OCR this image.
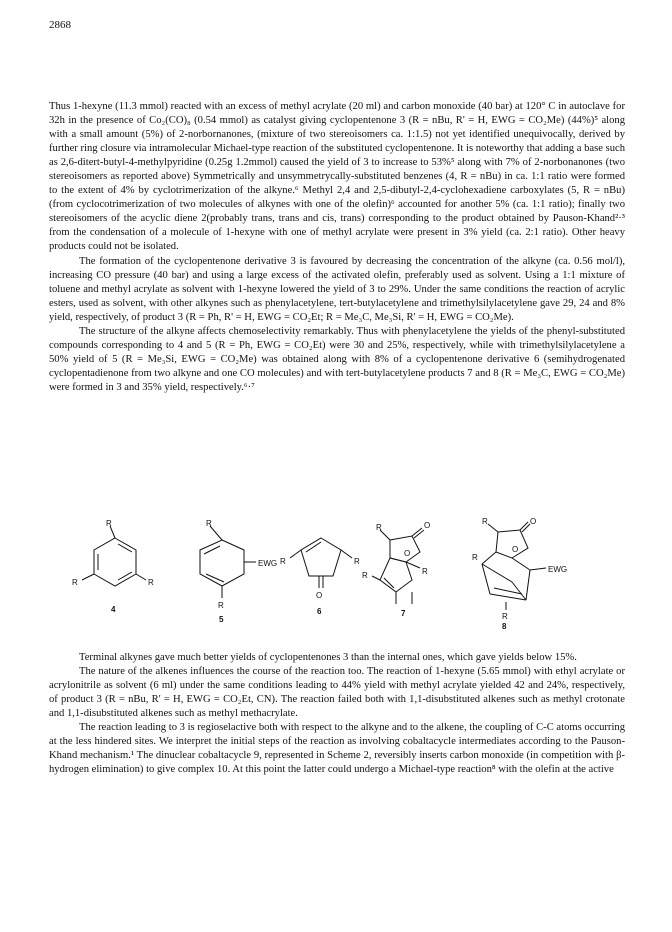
2868

Thus 1-hexyne (11.3 mmol) reacted with an excess of methyl acrylate (20 ml) and carbon monoxide (40 bar) at 120° C in autoclave for 32h in the presence of Co₂(CO)₈ (0.54 mmol) as catalyst giving cyclopentenone 3 (R = nBu, R' = H, EWG = CO₂Me) (44%)⁵ along with a small amount (5%) of 2-norbornanones, (mixture of two stereoisomers ca. 1:1.5) not yet identified unequivocally, derived by further ring closure via intramolecular Michael-type reaction of the substituted cyclopentenone. It is noteworthy that adding a base such as 2,6-ditert-butyl-4-methylpyridine (0.25g 1.2mmol) caused the yield of 3 to increase to 53%⁵ along with 7% of 2-norbonanones (two stereoisomers as reported above) Symmetrically and unsymmetrycally-substituted benzenes (4, R = nBu) in ca. 1:1 ratio were formed to the extent of 4% by cyclotrimerization of the alkyne.⁶ Methyl 2,4 and 2,5-dibutyl-2,4-cyclohexadiene carboxylates (5, R = nBu) (from cyclocotrimerization of two molecules of alkynes with one of the olefin)⁶ accounted for another 5% (ca. 1:1 ratio); finally two stereoisomers of the acyclic diene 2(probably trans, trans and cis, trans) corresponding to the product obtained by Pauson-Khand²·³ from the condensation of a molecule of 1-hexyne with one of methyl acrylate were present in 3% yield (ca. 2:1 ratio). Other heavy products could not be isolated.

The formation of the cyclopentenone derivative 3 is favoured by decreasing the concentration of the alkyne (ca. 0.56 mol/l), increasing CO pressure (40 bar) and using a large excess of the activated olefin, preferably used as solvent. Using a 1:1 mixture of toluene and methyl acrylate as solvent with 1-hexyne lowered the yield of 3 to 29%. Under the same conditions the reaction of acrylic esters, used as solvent, with other alkynes such as phenylacetylene, tert-butylacetylene and trimethylsilylacetylene gave 29, 24 and 8% yield, respectively, of product 3 (R = Ph, R' = H, EWG = CO₂Et; R = Me₃C, Me₃Si, R' = H, EWG = CO₂Me).

The structure of the alkyne affects chemoselectivity remarkably. Thus with phenylacetylene the yields of the phenyl-substituted compounds corresponding to 4 and 5 (R = Ph, EWG = CO₂Et) were 30 and 25%, respectively, while with trimethylsilylacetylene a 50% yield of 5 (R = Me₃Si, EWG = CO₂Me) was obtained along with 8% of a cyclopentenone derivative 6 (semihydrogenated cyclopentadienone from two alkyne and one CO molecules) and with tert-butylacetylene products 7 and 8 (R = Me₃C, EWG = CO₂Me) were formed in 3 and 35% yield, respectively.⁶·⁷

R
R	R
R
EWG
R
R	R
O
R	O
O
R	R
R	O
O
R
EWG
R
4
5
6	7
8

Terminal alkynes gave much better yields of cyclopentenones 3 than the internal ones, which gave yields below 15%.

The nature of the alkenes influences the course of the reaction too. The reaction of 1-hexyne (5.65 mmol) with ethyl acrylate or acrylonitrile as solvent (6 ml) under the same conditions leading to 44% yield with methyl acrylate yielded 42 and 24%, respectively, of product 3 (R = nBu, R' = H, EWG = CO₂Et, CN). The reaction failed both with 1,1-disubstituted alkenes such as methyl crotonate and 1,1-disubstituted alkenes such as methyl methacrylate.

The reaction leading to 3 is regioselactive both with respect to the alkyne and to the alkene, the coupling of C-C atoms occurring at the less hindered sites. We interpret the initial steps of the reaction as involving cobaltacycle intermediates according to the Pauson-Khand mechanism.¹ The dinuclear cobaltacycle 9, represented in Scheme 2, reversibly inserts carbon monoxide (in competition with β-hydrogen elimination) to give complex 10. At this point the latter could undergo a Michael-type reaction⁸ with the olefin at the active
